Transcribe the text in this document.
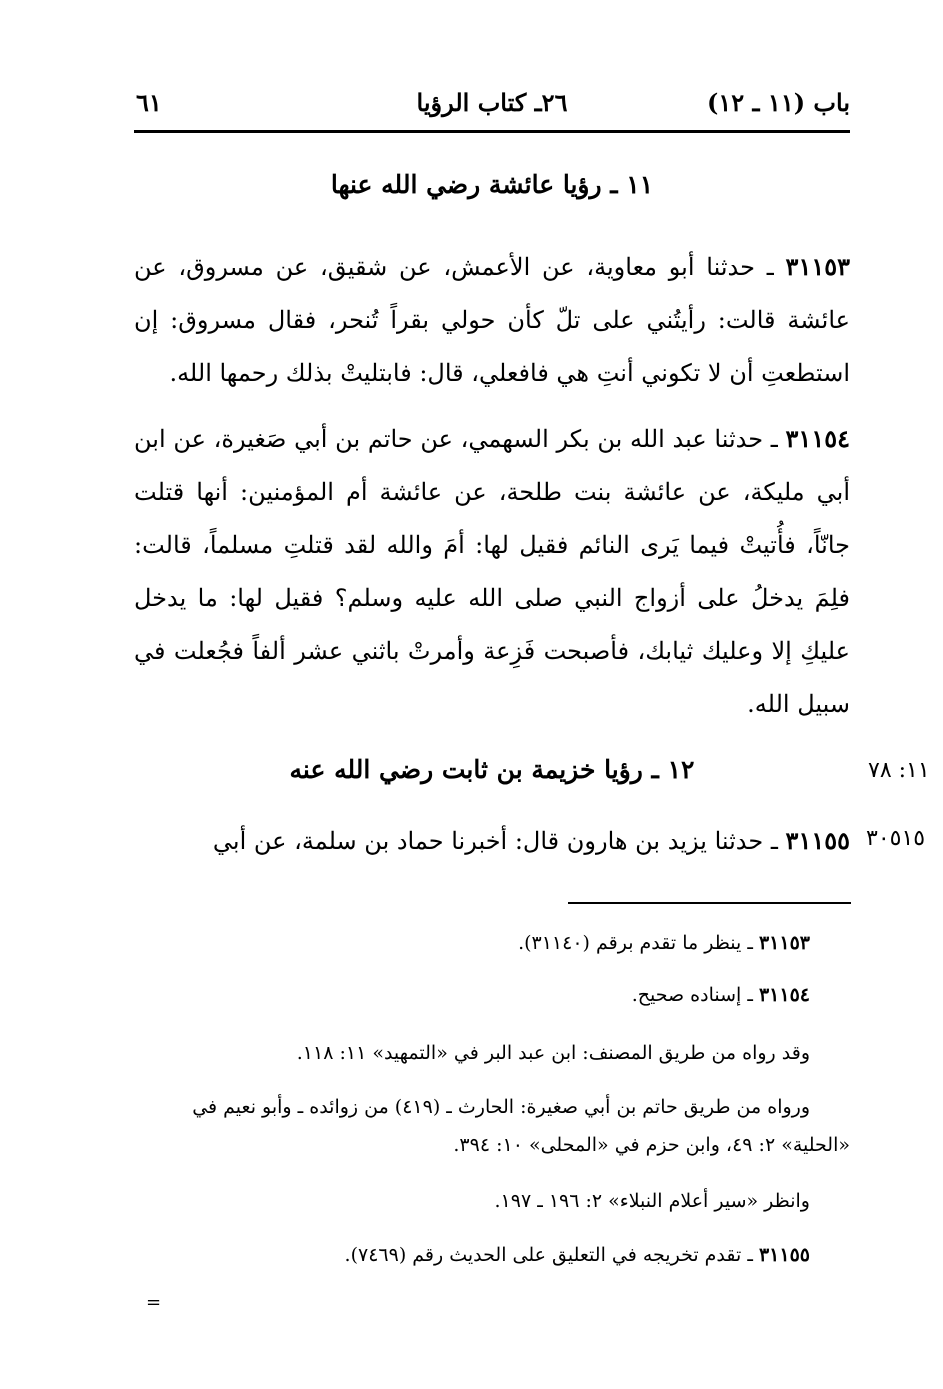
باب (١١ ـ ١٢)
٢٦ـ كتاب الرؤيا
٦١
١١ ـ رؤيا عائشة رضي الله عنها
٣١١٥٣ ـ حدثنا أبو معاوية، عن الأعمش، عن شقيق، عن مسروق، عن عائشة قالت: رأيتُني على تلّ كأن حولي بقراً تُنحر، فقال مسروق: إن استطعتِ أن لا تكوني أنتِ هي فافعلي، قال: فابتليتْ بذلك رحمها الله.
٣١١٥٤ ـ حدثنا عبد الله بن بكر السهمي، عن حاتم بن أبي صَغيرة، عن ابن أبي مليكة، عن عائشة بنت طلحة، عن عائشة أم المؤمنين: أنها قتلت جانّاً، فأُتيتْ فيما يَرى النائم فقيل لها: أمَ والله لقد قتلتِ مسلماً، قالت: فلِمَ يدخلُ على أزواج النبي صلى الله عليه وسلم؟ فقيل لها: ما يدخل عليكِ إلا وعليك ثيابك، فأصبحت فَزِعة وأمرتْ باثني عشر ألفاً فجُعلت في سبيل الله.
١٢ ـ رؤيا خزيمة بن ثابت رضي الله عنه	١١: ٧٨
٣١١٥٥ ـ حدثنا يزيد بن هارون قال: أخبرنا حماد بن سلمة، عن أبي	٣٠٥١٥
٣١١٥٣ ـ ينظر ما تقدم برقم (٣١١٤٠).
٣١١٥٤ ـ إسناده صحيح.
وقد رواه من طريق المصنف: ابن عبد البر في «التمهيد» ١١: ١١٨.
ورواه من طريق حاتم بن أبي صغيرة: الحارث ـ (٤١٩) من زوائده ـ وأبو نعيم في «الحلية» ٢: ٤٩، وابن حزم في «المحلى» ١٠: ٣٩٤.
وانظر «سير أعلام النبلاء» ٢: ١٩٦ ـ ١٩٧.
٣١١٥٥ ـ تقدم تخريجه في التعليق على الحديث رقم (٧٤٦٩).
=
